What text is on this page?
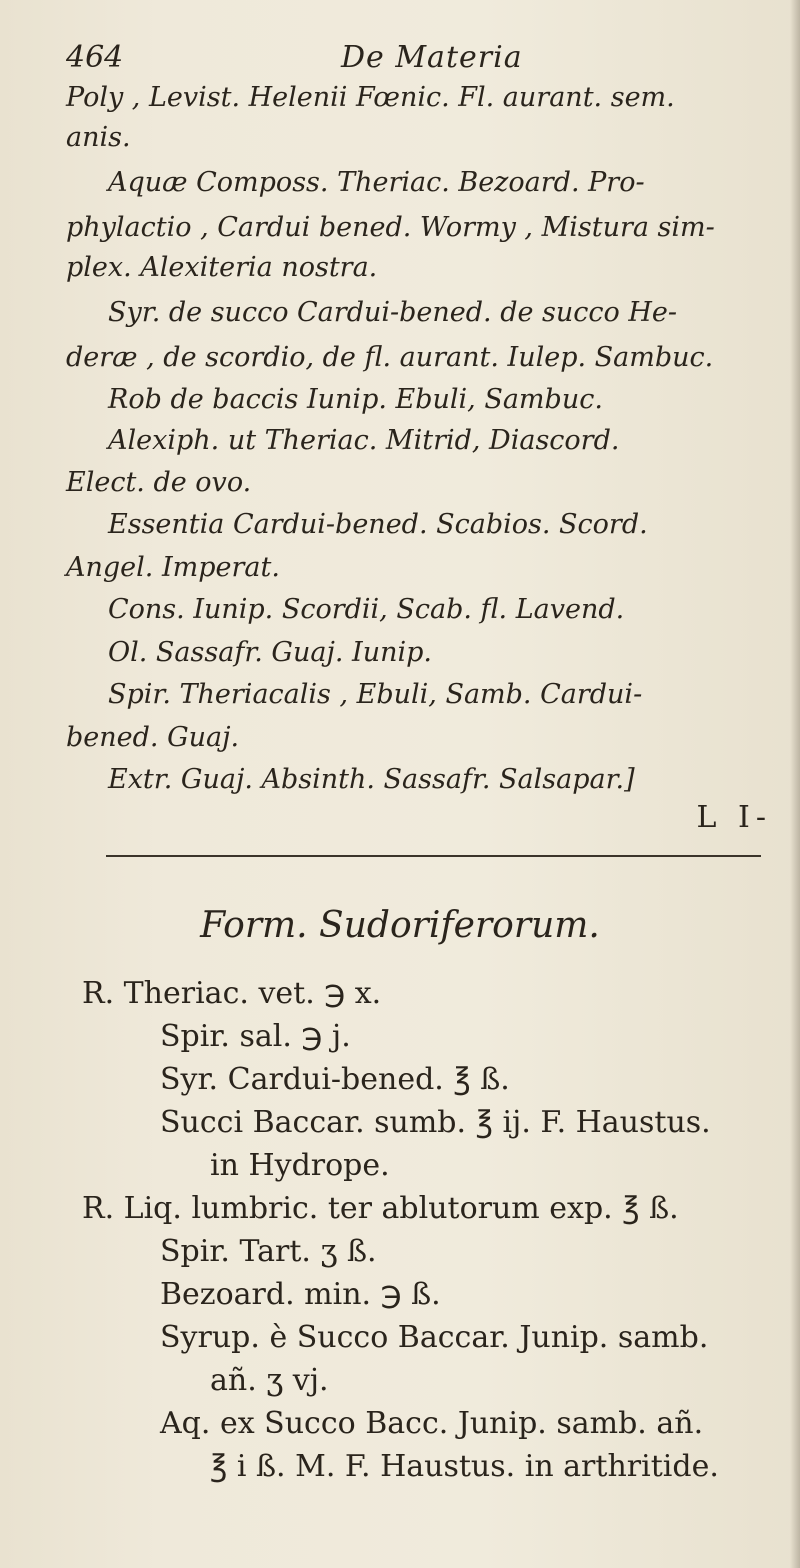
464	De Materia
Poly , Levist. Helenii Fœnic. Fl. aurant. sem.
anis.
Aquæ Composs. Theriac. Bezoard. Pro-
phylactio , Cardui bened. Wormy , Mistura sim-
plex. Alexiteria nostra.
Syr. de succo Cardui-bened. de succo He-
deræ , de scordio, de fl. aurant. Iulep. Sambuc.
Rob de baccis Iunip. Ebuli, Sambuc.
Alexiph. ut Theriac. Mitrid, Diascord.
Elect. de ovo.
Essentia Cardui-bened. Scabios. Scord.
Angel. Imperat.
Cons. Iunip. Scordii, Scab. fl. Lavend.
Ol. Sassafr. Guaj. Iunip.
Spir. Theriacalis , Ebuli, Samb. Cardui-
bened. Guaj.
Extr. Guaj. Absinth. Sassafr. Salsapar.]
L I-
Form. Sudoriferorum.
R. Theriac. vet. ℈ x.
Spir. sal. ℈ j.
Syr. Cardui-bened. ℥ ß.
Succi Baccar. sumb. ℥ ij. F. Haustus.
in Hydrope.
R. Liq. lumbric. ter ablutorum exp. ℥ ß.
Spir. Tart. ʒ ß.
Bezoard. min. ℈ ß.
Syrup. è Succo Baccar. Junip. samb.
añ. ʒ vj.
Aq. ex Succo Bacc. Junip. samb. añ.
℥ i ß. M. F. Haustus. in arthritide.
